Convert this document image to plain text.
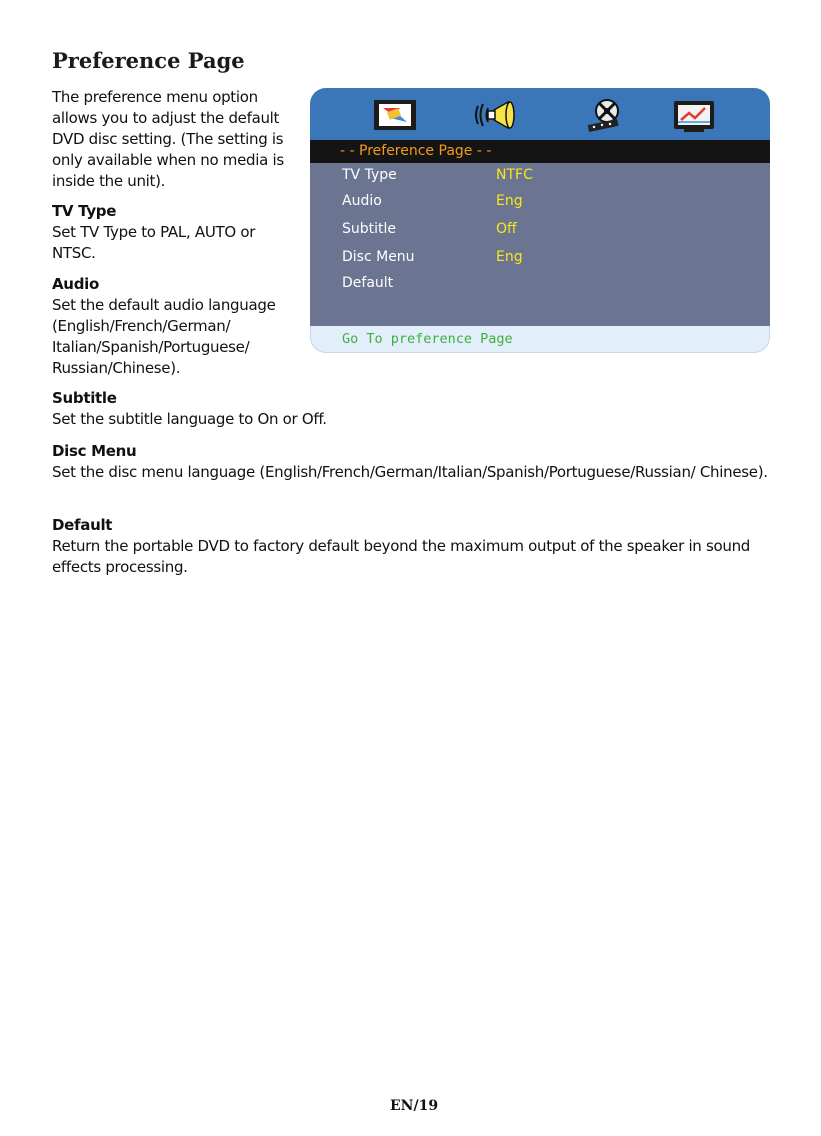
Preference Page

The preference menu option allows you to adjust the default DVD disc setting. (The setting is only available when no media is inside the unit).

TV Type

Set TV Type to PAL, AUTO or NTSC.

Audio

Set the default audio language (English/French/German/ Italian/Spanish/Portuguese/ Russian/Chinese).

Subtitle

Set the subtitle language to On or Off.

Disc Menu

Set the disc menu language (English/French/German/Italian/Spanish/Portuguese/Russian/ Chinese).

Default

Return the portable DVD to factory default beyond the maximum output of the speaker in sound effects processing.

- - Preference Page - -
TV Type	NTFC
Audio	Eng
Subtitle	Off
Disc Menu	Eng
Default
Go To preference Page

EN/19
